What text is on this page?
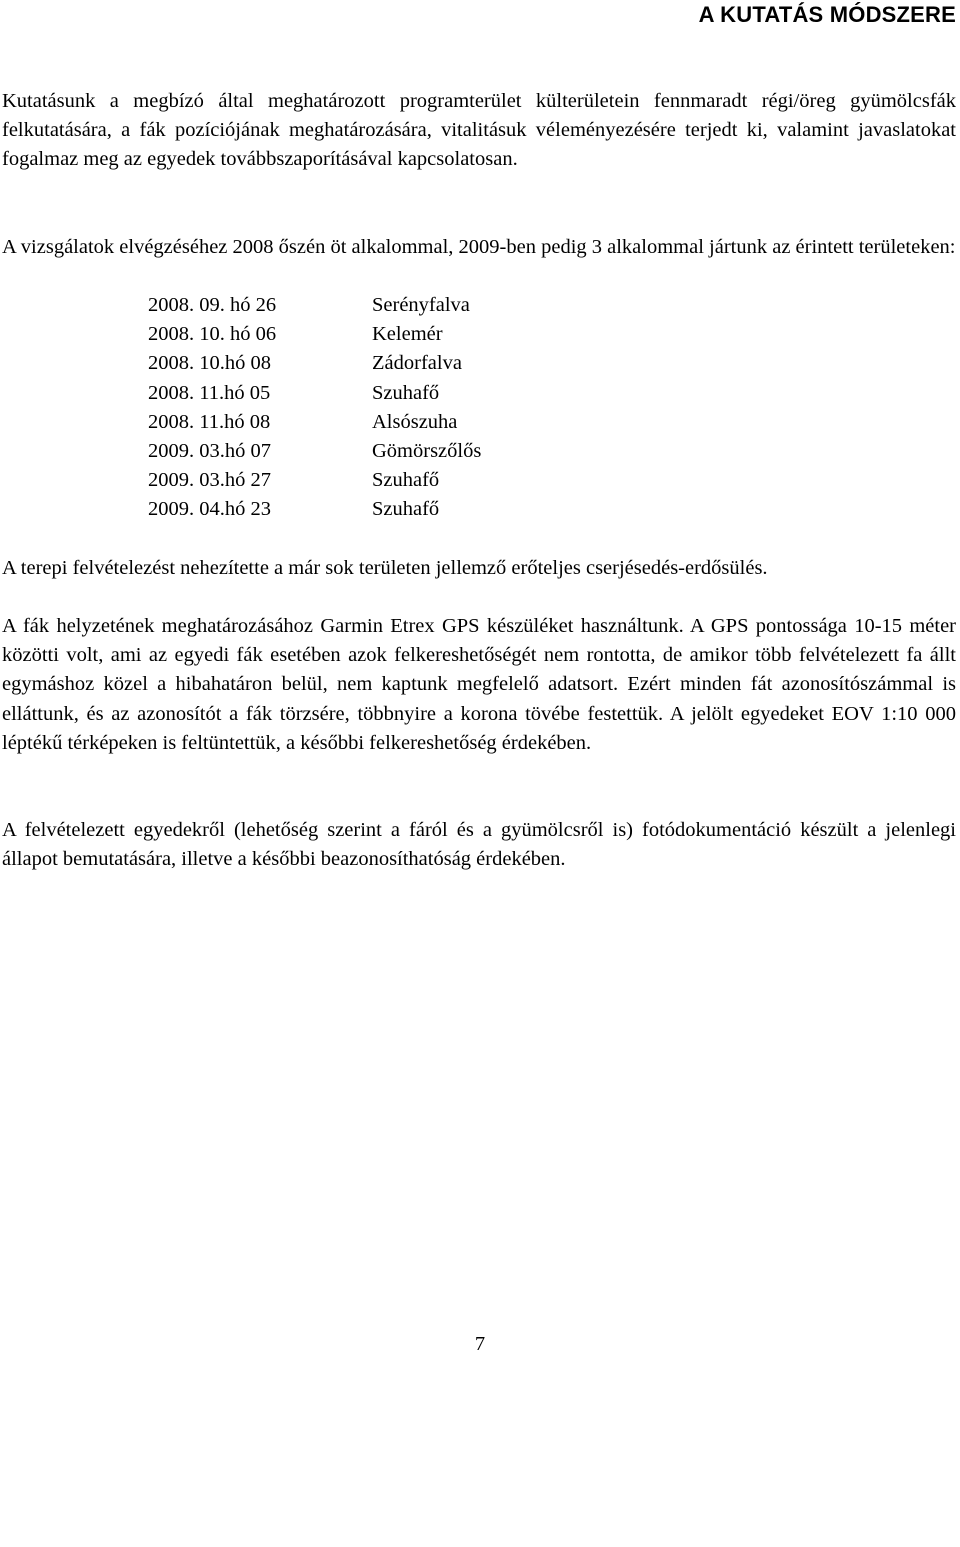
A KUTATÁS MÓDSZERE

Kutatásunk a megbízó által meghatározott programterület külterületein fennmaradt régi/öreg gyümölcsfák felkutatására, a fák pozíciójának meghatározására, vitalitásuk véleményezésére terjedt ki, valamint javaslatokat fogalmaz meg az egyedek továbbszaporításával kapcsolatosan.

A vizsgálatok elvégzéséhez 2008 őszén öt alkalommal, 2009-ben pedig 3 alkalommal jártunk az érintett területeken:

2008. 09. hó 26	Serényfalva
2008. 10. hó 06	Kelemér
2008. 10.hó 08	Zádorfalva
2008. 11.hó 05	Szuhafő
2008. 11.hó 08	Alsószuha
2009. 03.hó 07	Gömörszőlős
2009. 03.hó 27	Szuhafő
2009. 04.hó 23	Szuhafő

A terepi felvételezést nehezítette a már sok területen jellemző erőteljes cserjésedés-erdősülés.

A fák helyzetének meghatározásához Garmin Etrex GPS készüléket használtunk. A GPS pontossága 10-15 méter közötti volt, ami az egyedi fák esetében azok felkereshetőségét nem rontotta, de amikor több felvételezett fa állt egymáshoz közel a hibahatáron belül, nem kaptunk megfelelő adatsort. Ezért minden fát azonosítószámmal is elláttunk, és az azonosítót a fák törzsére, többnyire a korona tövébe festettük. A jelölt egyedeket EOV 1:10 000 léptékű térképeken is feltüntettük, a későbbi felkereshetőség érdekében.

A felvételezett egyedekről (lehetőség szerint a fáról és a gyümölcsről is) fotódokumentáció készült a jelenlegi állapot bemutatására, illetve a későbbi beazonosíthatóság érdekében.

7
